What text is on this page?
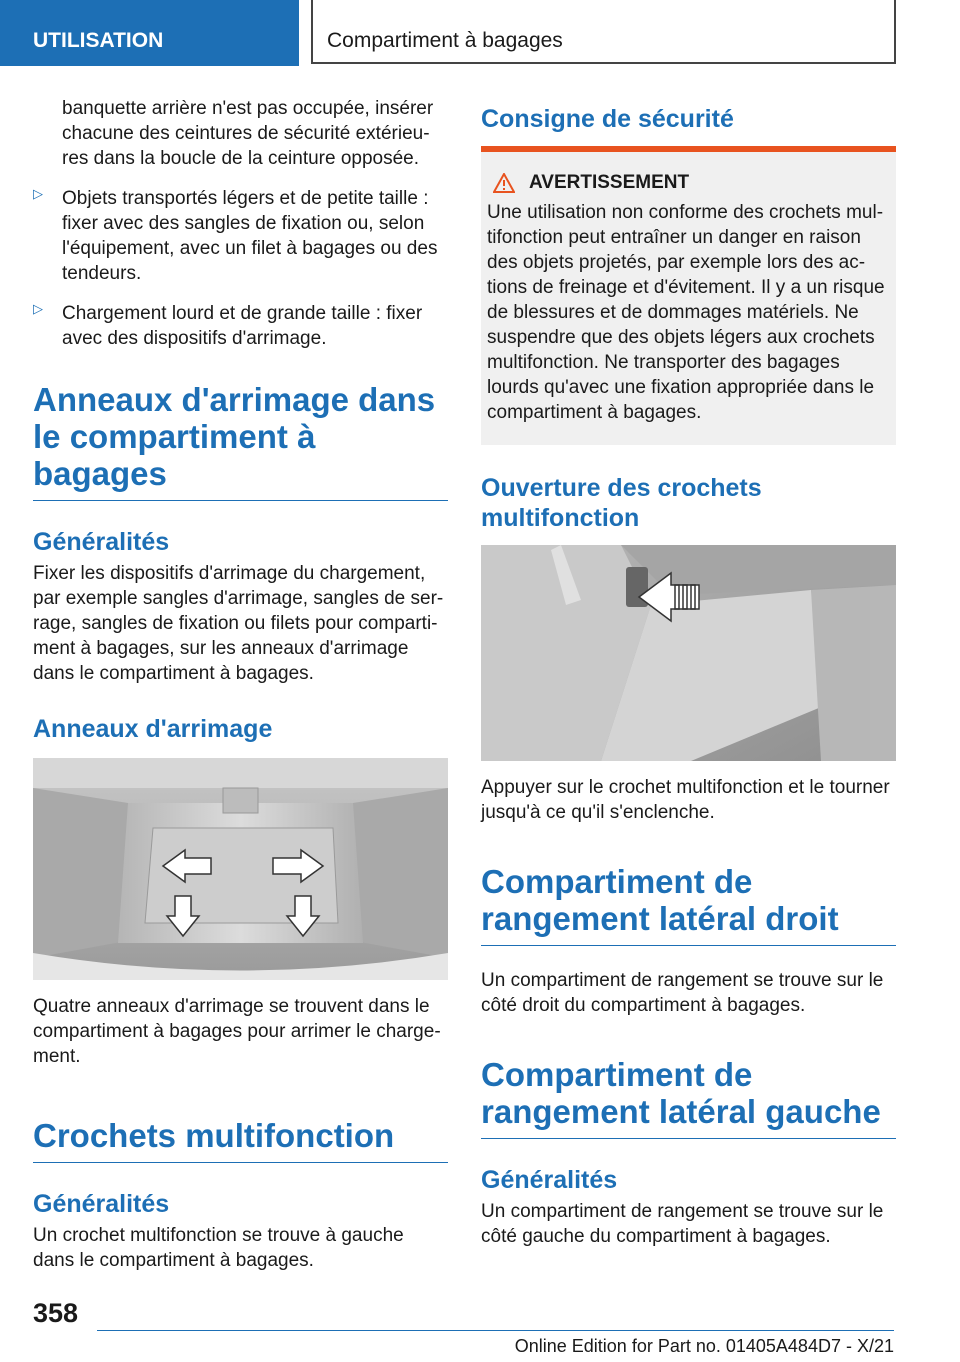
UTILISATION	Compartiment à bagages

banquette arrière n'est pas occupée, insérer chacune des ceintures de sécurité extérieures dans la boucle de la ceinture opposée.

▷ Objets transportés légers et de petite taille : fixer avec des sangles de fixation ou, selon l'équipement, avec un filet à bagages ou des tendeurs.

▷ Chargement lourd et de grande taille : fixer avec des dispositifs d'arrimage.

Anneaux d'arrimage dans le compartiment à bagages
Généralités

Fixer les dispositifs d'arrimage du chargement, par exemple sangles d'arrimage, sangles de serrage, sangles de fixation ou filets pour compartiment à bagages, sur les anneaux d'arrimage dans le compartiment à bagages.

Anneaux d'arrimage

Quatre anneaux d'arrimage se trouvent dans le compartiment à bagages pour arrimer le chargement.

Crochets multifonction
Généralités

Un crochet multifonction se trouve à gauche dans le compartiment à bagages.

Consigne de sécurité
AVERTISSEMENT

Une utilisation non conforme des crochets multifonction peut entraîner un danger en raison des objets projetés, par exemple lors des actions de freinage et d'évitement. Il y a un risque de blessures et de dommages matériels. Ne suspendre que des objets légers aux crochets multifonction. Ne transporter des bagages lourds qu'avec une fixation appropriée dans le compartiment à bagages.

Ouverture des crochets multifonction

Appuyer sur le crochet multifonction et le tourner jusqu'à ce qu'il s'enclenche.

Compartiment de rangement latéral droit

Un compartiment de rangement se trouve sur le côté droit du compartiment à bagages.

Compartiment de rangement latéral gauche
Généralités

Un compartiment de rangement se trouve sur le côté gauche du compartiment à bagages.

358
Online Edition for Part no. 01405A484D7 - X/21
